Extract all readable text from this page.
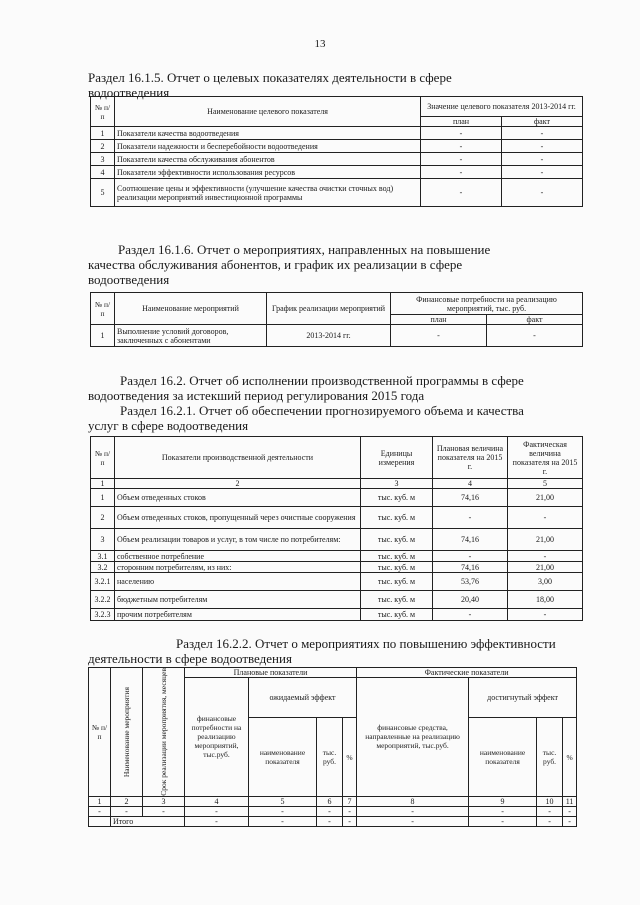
13
Раздел 16.1.5. Отчет о целевых показателях деятельности в сфере
водоотведения
№ п/п	Наименование целевого показателя	Значение целевого показателя 2013-2014 гг.	
		план	факт
1	Показатели качества водоотведения	-	-
2	Показатели надежности и бесперебойности водоотведения	-	-
3	Показатели качества обслуживания абонентов	-	-
4	Показатели эффективности использования ресурсов	-	-
5	Соотношение цены и эффективности (улучшение качества очистки сточных вод) реализации мероприятий инвестиционной программы	-	-
Раздел 16.1.6. Отчет о мероприятиях, направленных на повышение
качества обслуживания абонентов, и график их реализации в сфере
водоотведения
№ п/п	Наименование мероприятий	График реализации мероприятий	Финансовые потребности на реализацию мероприятий, тыс. руб.	
			план	факт
1	Выполнение условий договоров, заключенных с абонентами	2013-2014 гг.	-	-
Раздел 16.2. Отчет об исполнении производственной программы в сфере
водоотведения за истекший период регулирования 2015 года
Раздел 16.2.1. Отчет об обеспечении прогнозируемого объема и качества
услуг в сфере водоотведения
№ п/п	Показатели производственной деятельности	Единицы измерения	Плановая величина показателя на 2015 г.	Фактическая величина показателя на 2015 г.
1	2	3	4	5
1	Объем отведенных стоков	тыс. куб. м	74,16	21,00
2	Объем отведенных стоков, пропущенный через очистные сооружения	тыс. куб. м	-	-
3	Объем реализации товаров и услуг, в том числе по потребителям:	тыс. куб. м	74,16	21,00
3.1	собственное потребление	тыс. куб. м	-	-
3.2	сторонним потребителям, из них:	тыс. куб. м	74,16	21,00
3.2.1	населению	тыс. куб. м	53,76	3,00
3.2.2	бюджетным потребителям	тыс. куб. м	20,40	18,00
3.2.3	прочим потребителям	тыс. куб. м	-	-
Раздел 16.2.2. Отчет о мероприятиях по повышению эффективности
деятельности в сфере водоотведения
№ п/п	Наименование мероприятия	Срок реализации мероприятия, месяцев	Плановые показатели				Фактические показатели			
			финансовые потребности на реализацию мероприятий, тыс.руб.	ожидаемый эффект			финансовые средства, направленные на реализацию мероприятий, тыс.руб.	достигнутый эффект		
				наименование показателя	тыс. руб.	%		наименование показателя	тыс. руб.	%

1	2	3	4	5	6	7	8	9	10	11
-	-	-	-	-	-	-	-	-	-	-
	Итого		-	-	-	-	-	-	-	-
